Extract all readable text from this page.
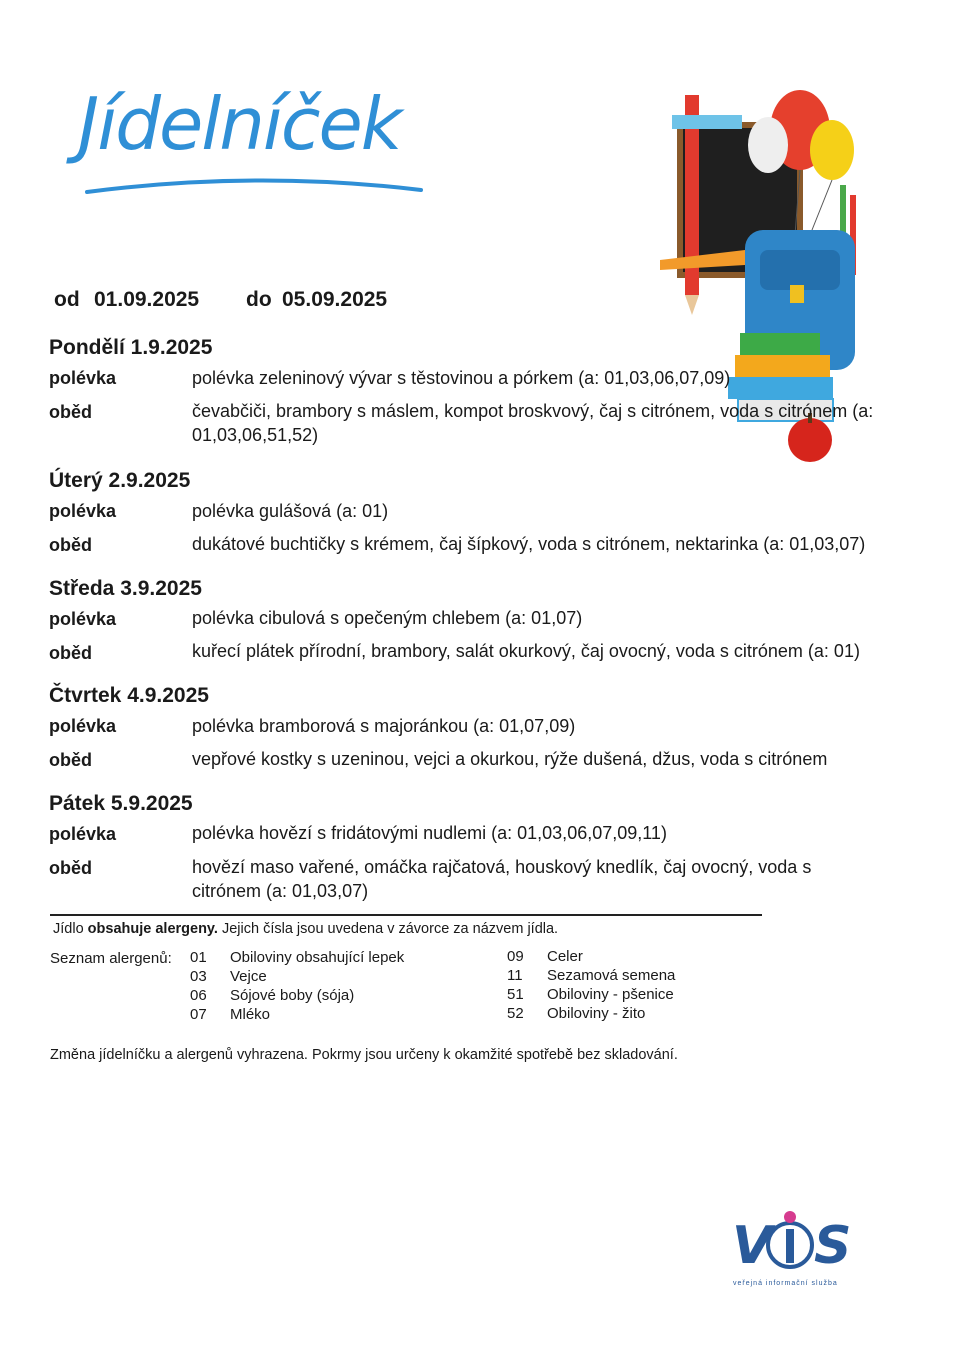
Jídelníček
od 01.09.2025 do 05.09.2025
Pondělí 1.9.2025
polévka	polévka zeleninový vývar s těstovinou a pórkem (a: 01,03,06,07,09)
oběd	čevabčiči, brambory s máslem, kompot broskvový, čaj s citrónem, voda s citrónem (a:
01,03,06,51,52)
Úterý 2.9.2025
polévka	polévka gulášová (a: 01)
oběd	dukátové buchtičky s krémem, čaj šípkový, voda s citrónem, nektarinka (a: 01,03,07)
Středa 3.9.2025
polévka	polévka cibulová s opečeným chlebem (a: 01,07)
oběd	kuřecí plátek přírodní, brambory, salát okurkový, čaj ovocný, voda s citrónem (a: 01)
Čtvrtek 4.9.2025
polévka	polévka bramborová s majoránkou (a: 01,07,09)
oběd	vepřové kostky s uzeninou, vejci a okurkou, rýže dušená, džus, voda s citrónem
Pátek 5.9.2025
polévka	polévka hovězí s fridátovými nudlemi (a: 01,03,06,07,09,11)
oběd	hovězí maso vařené, omáčka rajčatová, houskový knedlík, čaj ovocný, voda s
citrónem (a: 01,03,07)
Jídlo obsahuje alergeny. Jejich čísla jsou uvedena v závorce za názvem jídla.
Seznam alergenů: 01 Obiloviny obsahující lepek
03 Vejce
06 Sójové boby (sója)
07 Mléko
09 Celer
11 Sezamová semena
51 Obiloviny - pšenice
52 Obiloviny - žito
Změna jídelníčku a alergenů vyhrazena. Pokrmy jsou určeny k okamžité spotřebě bez skladování.
V S
veřejná informační služba
